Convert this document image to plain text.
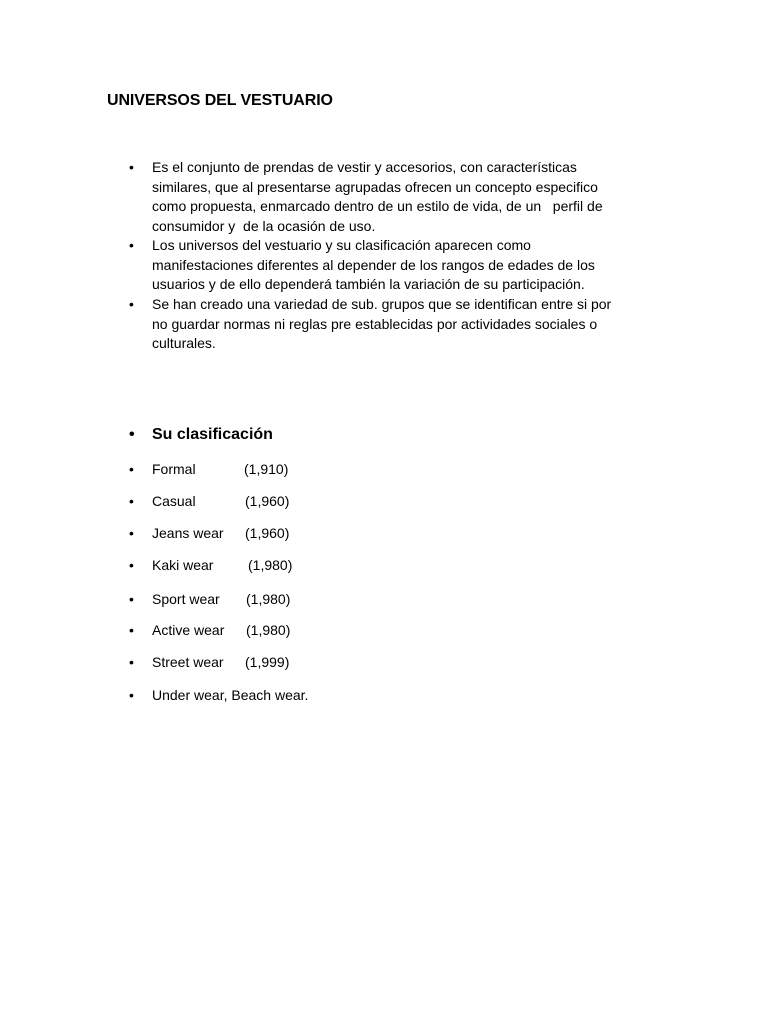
UNIVERSOS DEL VESTUARIO
•	Es el conjunto de prendas de vestir y accesorios, con características
similares, que al presentarse agrupadas ofrecen un concepto especifico
como propuesta, enmarcado dentro de un estilo de vida, de un   perfil de
consumidor y  de la ocasión de uso.
•	Los universos del vestuario y su clasificación aparecen como
manifestaciones diferentes al depender de los rangos de edades de los
usuarios y de ello dependerá también la variación de su participación.
•	Se han creado una variedad de sub. grupos que se identifican entre si por
no guardar normas ni reglas pre establecidas por actividades sociales o
culturales.
•	Su clasificación
•	Formal	(1,910)
•	Casual	(1,960)
•	Jeans wear (1,960)
•	Kaki wear (1,980)
•	Sport wear (1,980)
•	Active wear (1,980)
•	Street wear (1,999)
•	Under wear, Beach wear.
